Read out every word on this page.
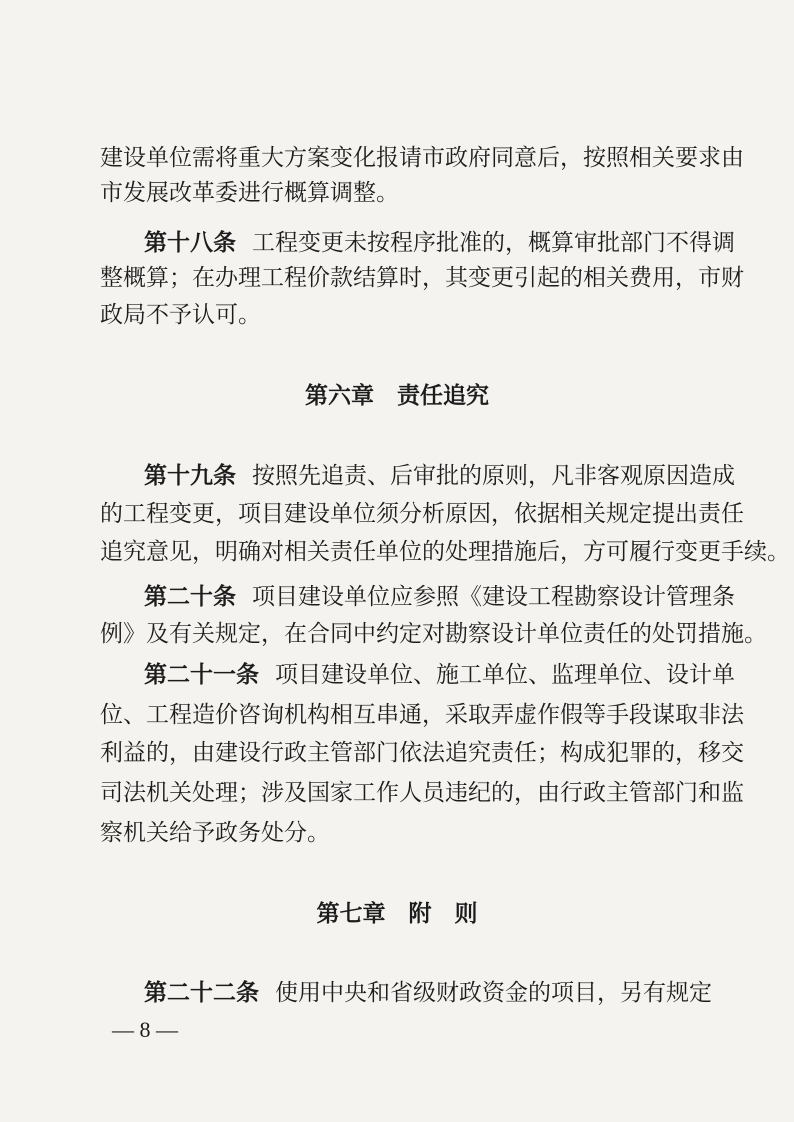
建设单位需将重大方案变化报请市政府同意后，按照相关要求由
市发展改革委进行概算调整。
第十八条 工程变更未按程序批准的，概算审批部门不得调
整概算；在办理工程价款结算时，其变更引起的相关费用，市财
政局不予认可。
第十九条 按照先追责、后审批的原则，凡非客观原因造成
的工程变更，项目建设单位须分析原因，依据相关规定提出责任
追究意见，明确对相关责任单位的处理措施后，方可履行变更手续。
第二十条 项目建设单位应参照《建设工程勘察设计管理条
例》及有关规定，在合同中约定对勘察设计单位责任的处罚措施。
第二十一条 项目建设单位、施工单位、监理单位、设计单
位、工程造价咨询机构相互串通，采取弄虚作假等手段谋取非法
利益的，由建设行政主管部门依法追究责任；构成犯罪的，移交
司法机关处理；涉及国家工作人员违纪的，由行政主管部门和监
察机关给予政务处分。
第二十二条 使用中央和省级财政资金的项目，另有规定
第六章　责任追究
第七章　附　则
— 8 —
